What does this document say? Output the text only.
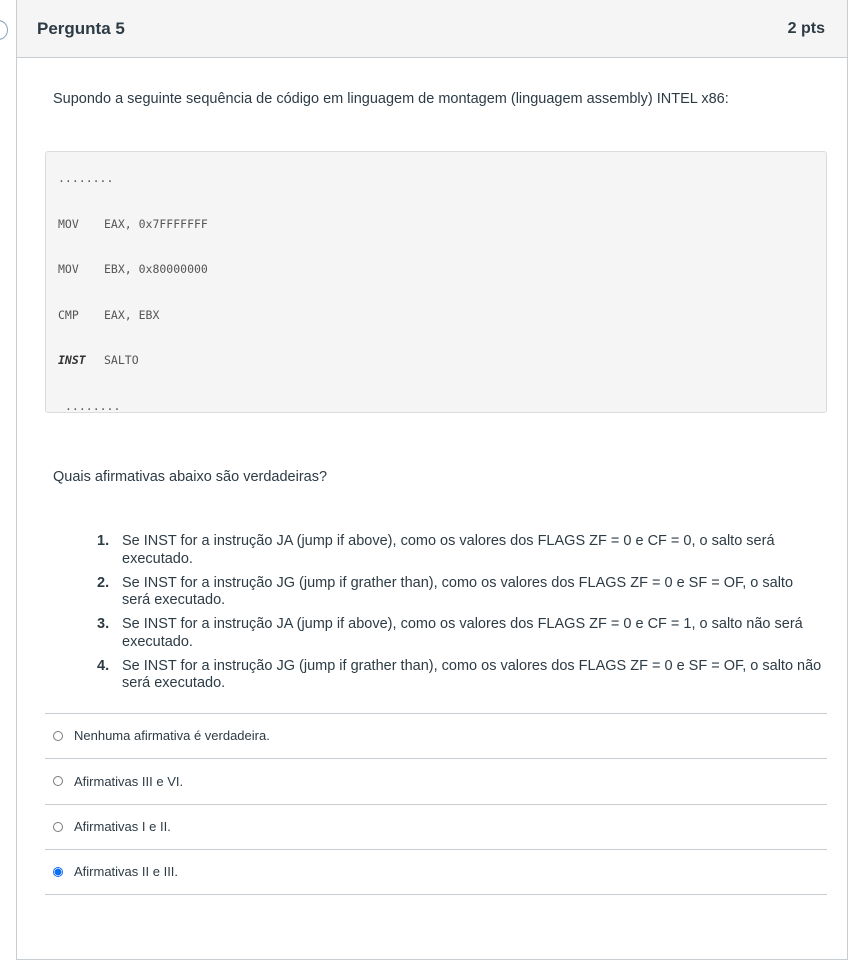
Pergunta 5	2 pts

Supondo a seguinte sequência de código em linguagem de montagem (linguagem assembly) INTEL x86:

........
MOV EAX, 0x7FFFFFFF
MOV EBX, 0x80000000
CMP EAX, EBX
INST SALTO
........

Quais afirmativas abaixo são verdadeiras?

1. Se INST for a instrução JA (jump if above), como os valores dos FLAGS ZF = 0 e CF = 0, o salto será executado.
2. Se INST for a instrução JG (jump if grather than), como os valores dos FLAGS ZF = 0 e SF = OF, o salto será executado.
3. Se INST for a instrução JA (jump if above), como os valores dos FLAGS ZF = 0 e CF = 1, o salto não será executado.
4. Se INST for a instrução JG (jump if grather than), como os valores dos FLAGS ZF = 0 e SF = OF, o salto não será executado.
Nenhuma afirmativa é verdadeira.
Afirmativas III e VI.
Afirmativas I e II.
Afirmativas II e III.
